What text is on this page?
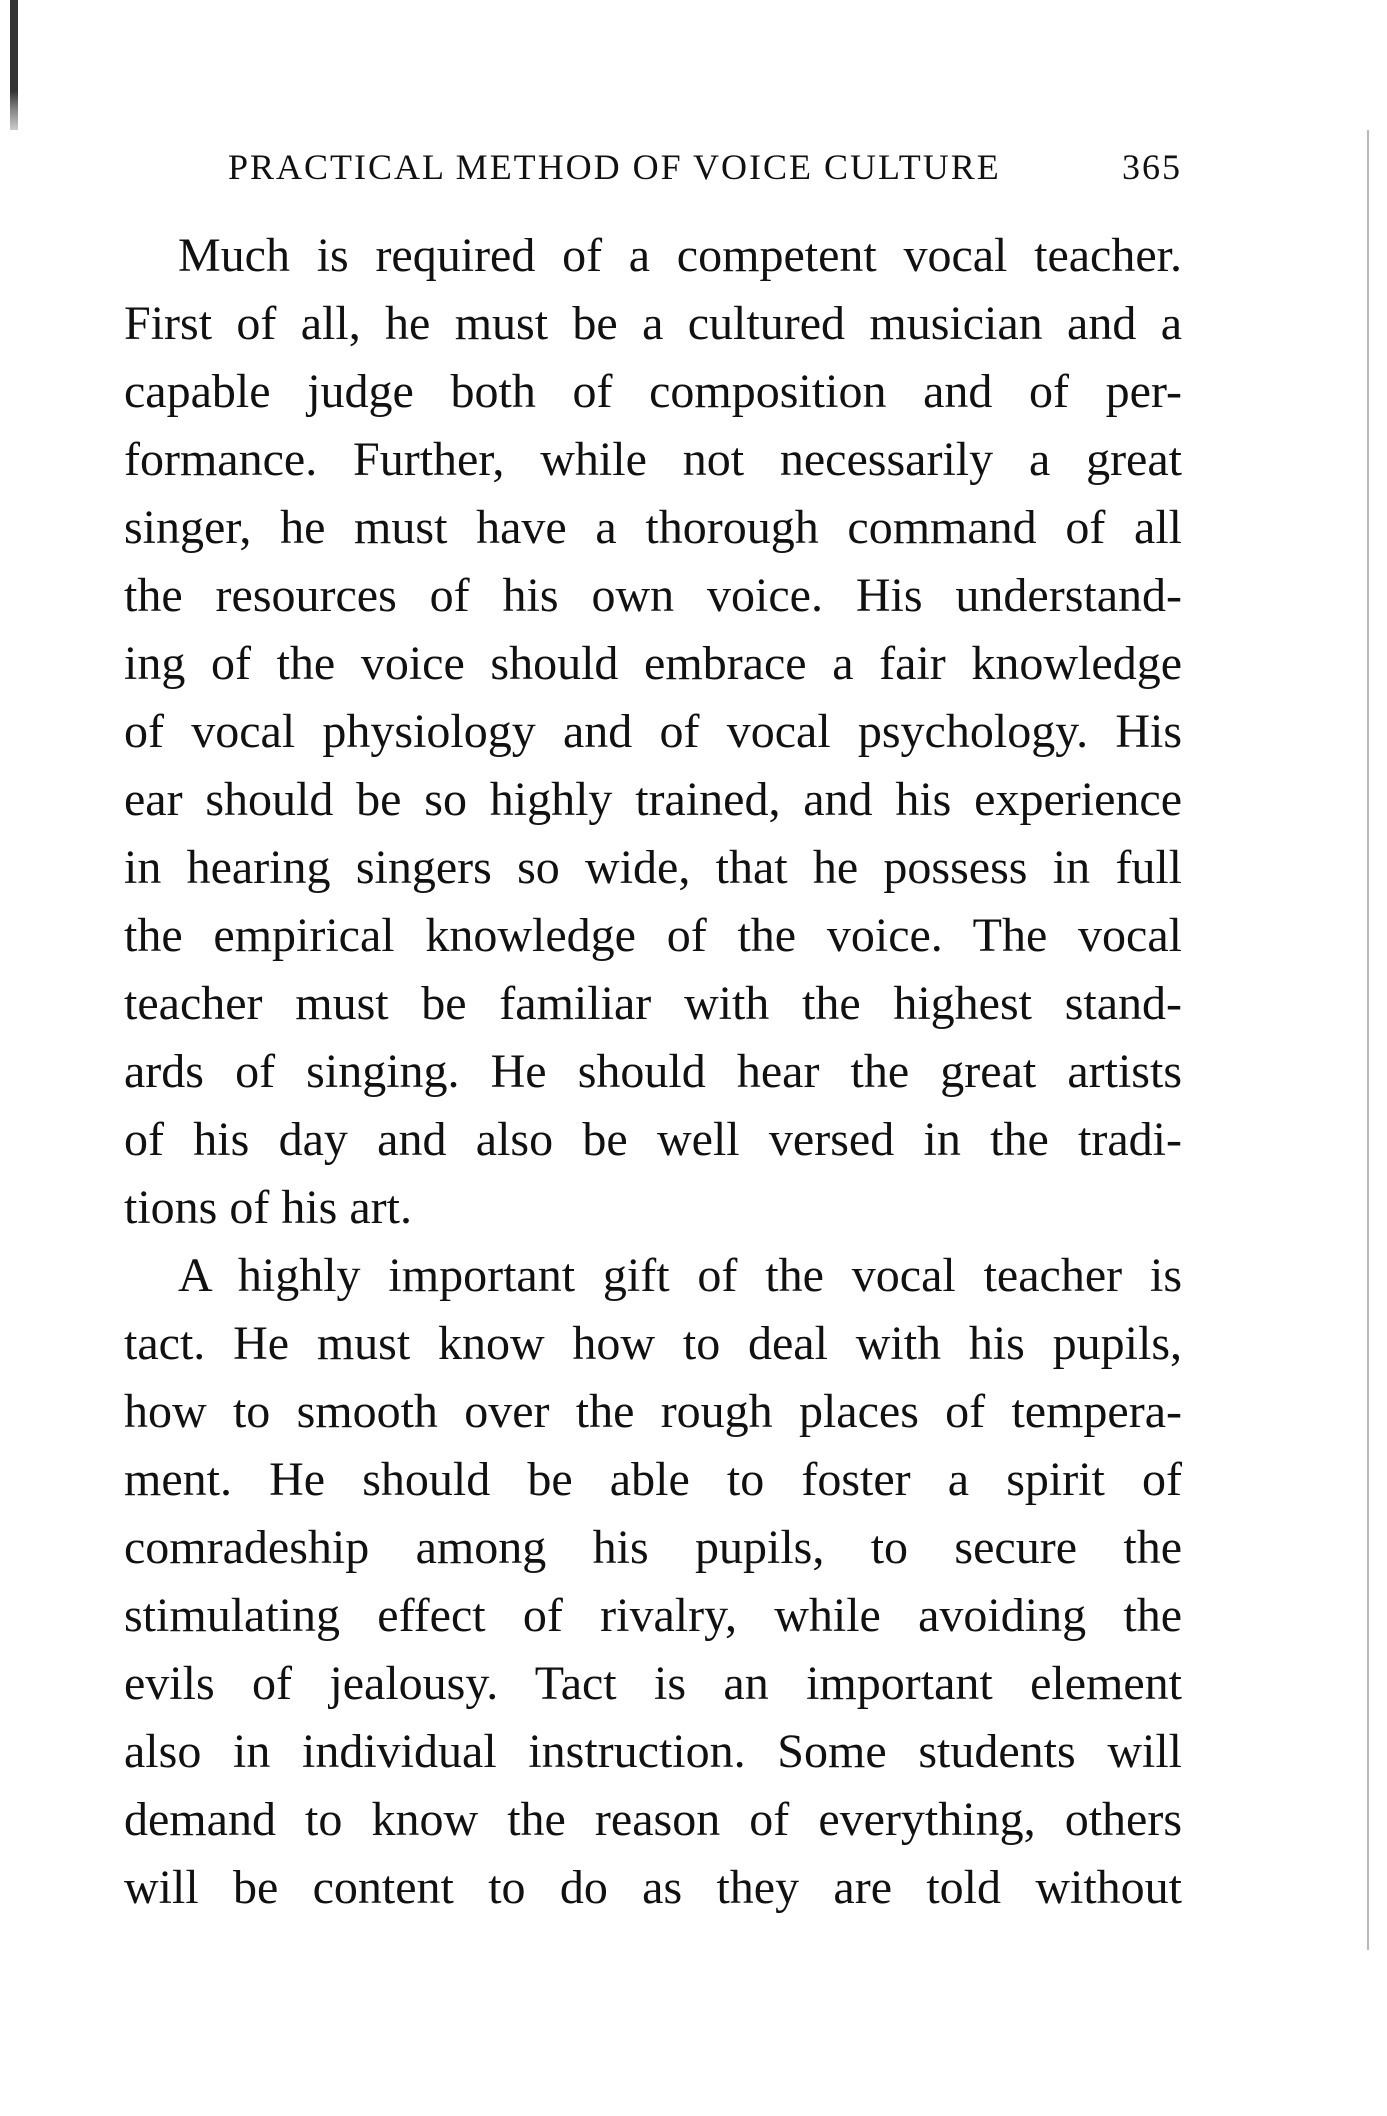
PRACTICAL METHOD OF VOICE CULTURE	365
Much is required of a competent vocal teacher.
First of all, he must be a cultured musician and a
capable judge both of composition and of per-
formance. Further, while not necessarily a great
singer, he must have a thorough command of all
the resources of his own voice. His understand-
ing of the voice should embrace a fair knowledge
of vocal physiology and of vocal psychology. His
ear should be so highly trained, and his experience
in hearing singers so wide, that he possess in full
the empirical knowledge of the voice. The vocal
teacher must be familiar with the highest stand-
ards of singing. He should hear the great artists
of his day and also be well versed in the tradi-
tions of his art.
A highly important gift of the vocal teacher is
tact. He must know how to deal with his pupils,
how to smooth over the rough places of tempera-
ment. He should be able to foster a spirit of
comradeship among his pupils, to secure the
stimulating effect of rivalry, while avoiding the
evils of jealousy. Tact is an important element
also in individual instruction. Some students will
demand to know the reason of everything, others
will be content to do as they are told without
